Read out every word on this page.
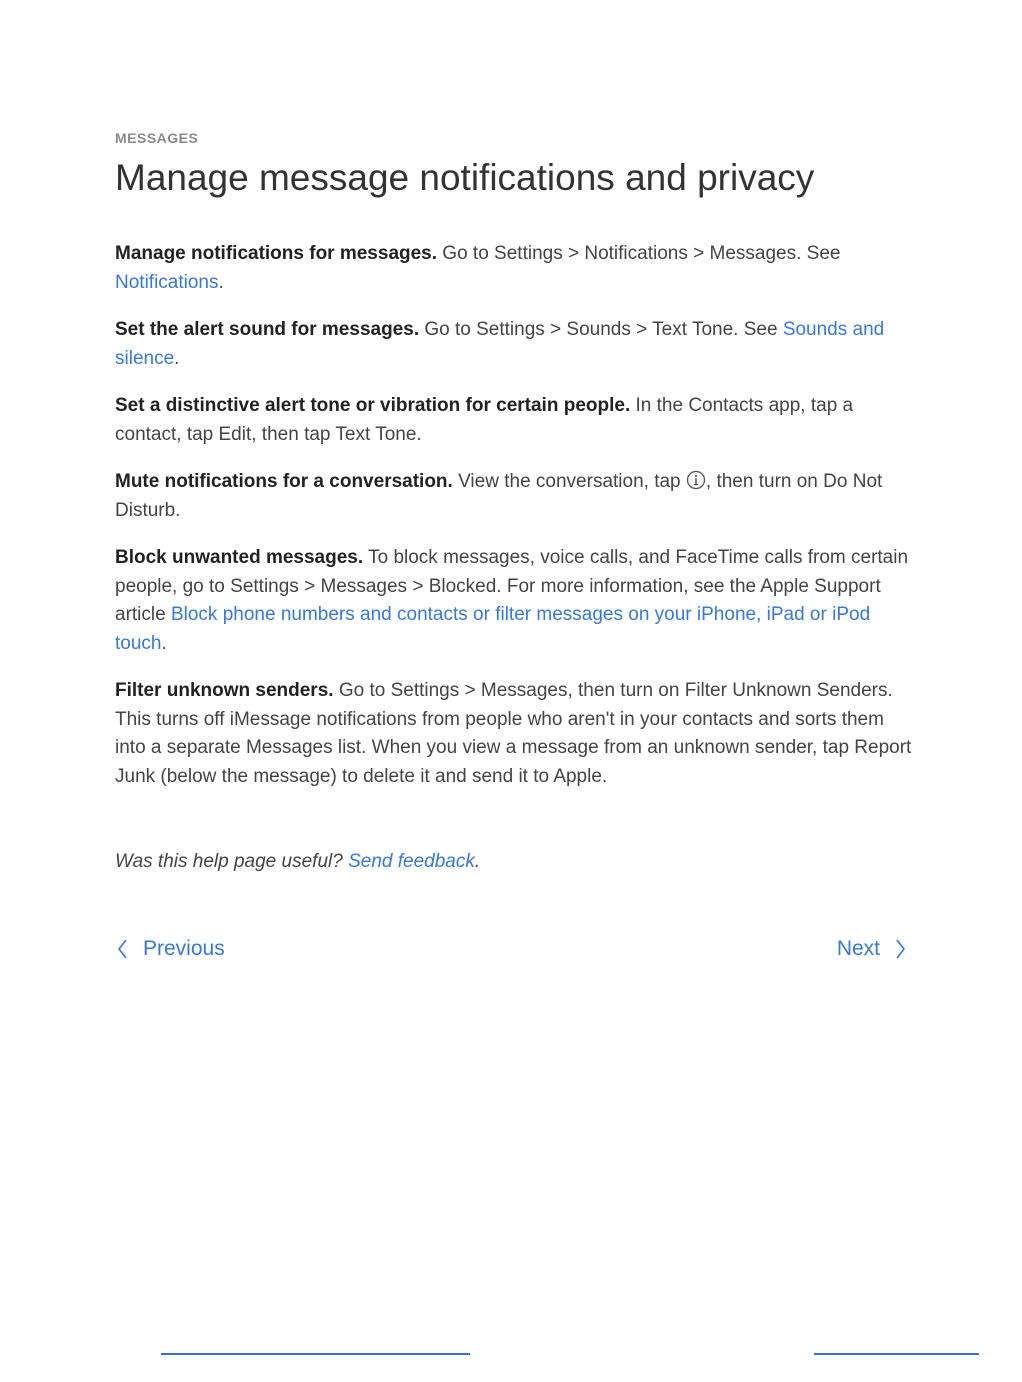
MESSAGES

Manage message notifications and privacy

Manage notifications for messages. Go to Settings > Notifications > Messages. See Notifications.

Set the alert sound for messages. Go to Settings > Sounds > Text Tone. See Sounds and silence.

Set a distinctive alert tone or vibration for certain people. In the Contacts app, tap a contact, tap Edit, then tap Text Tone.

Mute notifications for a conversation. View the conversation, tap , then turn on Do Not Disturb.

Block unwanted messages. To block messages, voice calls, and FaceTime calls from certain people, go to Settings > Messages > Blocked. For more information, see the Apple Support article Block phone numbers and contacts or filter messages on your iPhone, iPad or iPod touch.

Filter unknown senders. Go to Settings > Messages, then turn on Filter Unknown Senders. This turns off iMessage notifications from people who aren't in your contacts and sorts them into a separate Messages list. When you view a message from an unknown sender, tap Report Junk (below the message) to delete it and send it to Apple.

Was this help page useful? Send feedback.
Previous	Next
